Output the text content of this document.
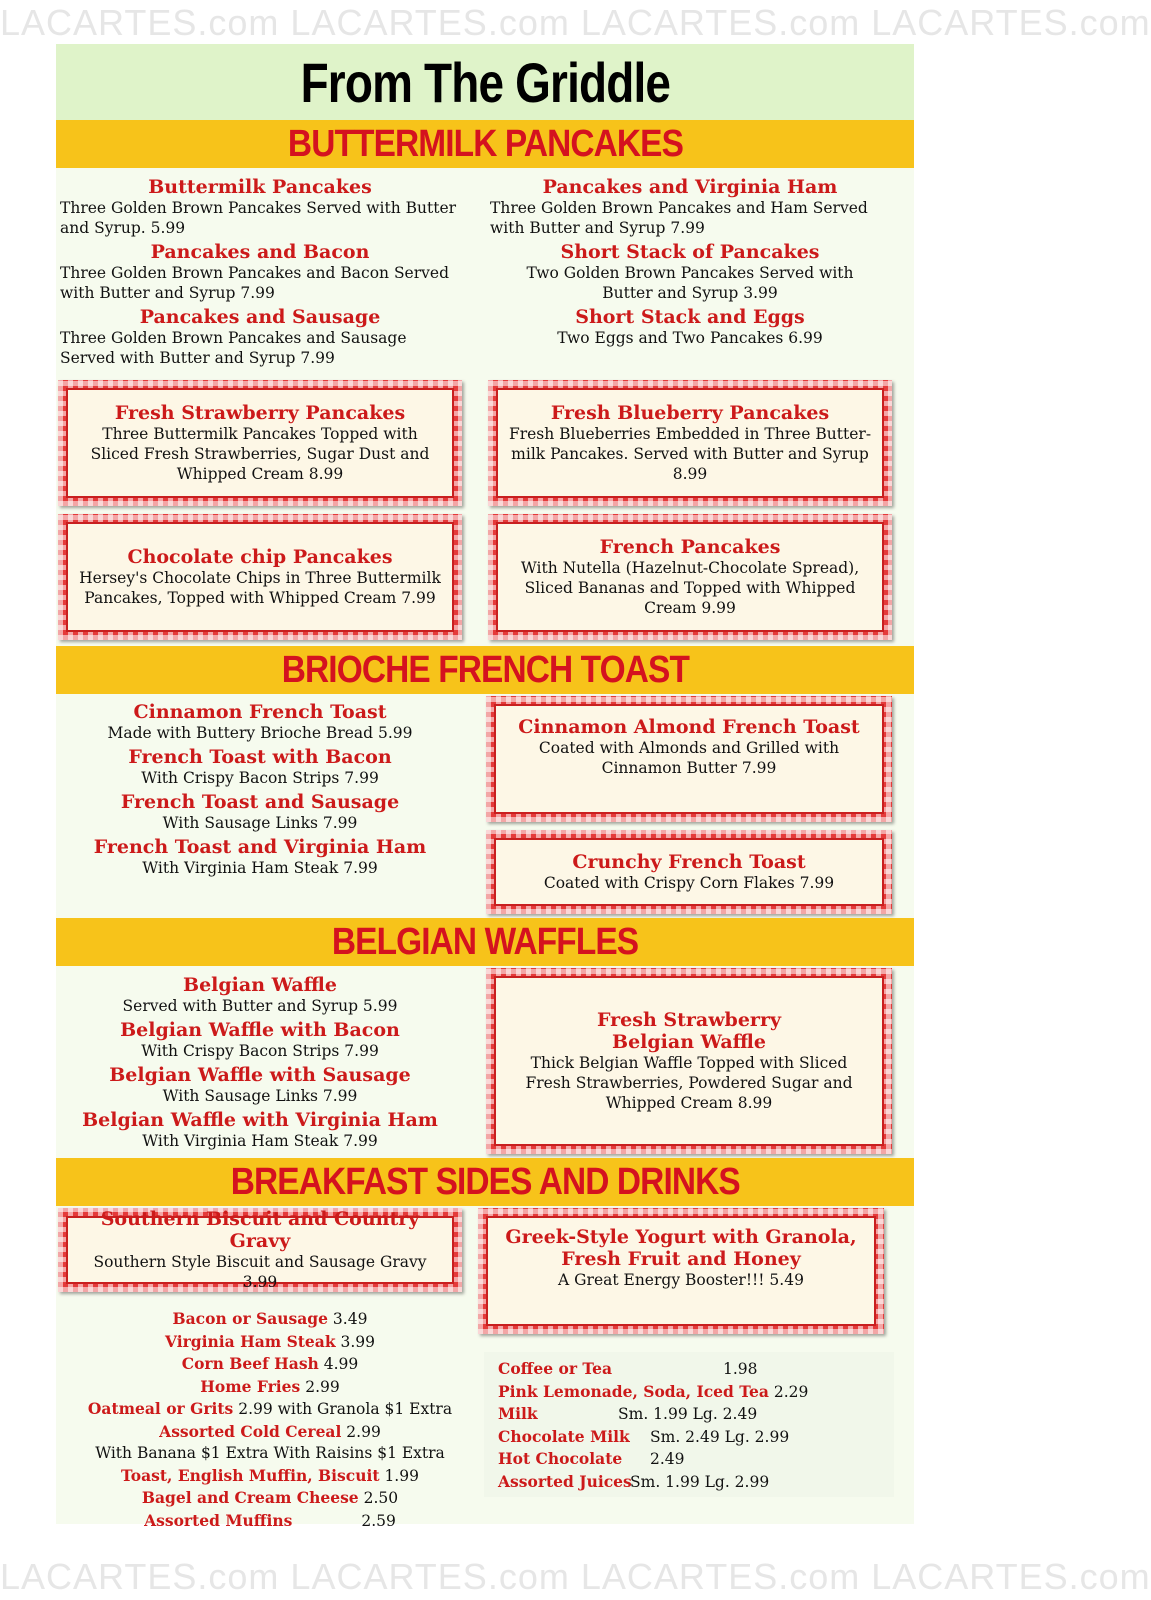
LACARTES.com LACARTES.com LACARTES.com LACARTES.com
From The Griddle
BUTTERMILK PANCAKES
Buttermilk Pancakes
Three Golden Brown Pancakes Served with Butter and Syrup. 5.99
Pancakes and Bacon
Three Golden Brown Pancakes and Bacon Served with Butter and Syrup 7.99
Pancakes and Sausage
Three Golden Brown Pancakes and Sausage Served with Butter and Syrup 7.99
Pancakes and Virginia Ham
Three Golden Brown Pancakes and Ham Served with Butter and Syrup 7.99
Short Stack of Pancakes
Two Golden Brown Pancakes Served with Butter and Syrup 3.99
Short Stack and Eggs
Two Eggs and Two Pancakes 6.99
Fresh Strawberry Pancakes
Three Buttermilk Pancakes Topped with Sliced Fresh Strawberries, Sugar Dust and Whipped Cream 8.99
Fresh Blueberry Pancakes
Fresh Blueberries Embedded in Three Butter-milk Pancakes. Served with Butter and Syrup 8.99
Chocolate chip Pancakes
Hersey's Chocolate Chips in Three Buttermilk Pancakes, Topped with Whipped Cream 7.99
French Pancakes
With Nutella (Hazelnut-Chocolate Spread), Sliced Bananas and Topped with Whipped Cream 9.99
BRIOCHE FRENCH TOAST
Cinnamon French Toast
Made with Buttery Brioche Bread 5.99
French Toast with Bacon
With Crispy Bacon Strips 7.99
French Toast and Sausage
With Sausage Links 7.99
French Toast and Virginia Ham
With Virginia Ham Steak 7.99
Cinnamon Almond French Toast
Coated with Almonds and Grilled with Cinnamon Butter 7.99
Crunchy French Toast
Coated with Crispy Corn Flakes 7.99
BELGIAN WAFFLES
Belgian Waffle
Served with Butter and Syrup 5.99
Belgian Waffle with Bacon
With Crispy Bacon Strips 7.99
Belgian Waffle with Sausage
With Sausage Links 7.99
Belgian Waffle with Virginia Ham
With Virginia Ham Steak 7.99
Fresh Strawberry
Belgian Waffle
Thick Belgian Waffle Topped with Sliced Fresh Strawberries, Powdered Sugar and Whipped Cream 8.99
BREAKFAST SIDES AND DRINKS
Southern Biscuit and Country Gravy
Southern Style Biscuit and Sausage Gravy 3.99
Greek-Style Yogurt with Granola,
Fresh Fruit and Honey
A Great Energy Booster!!! 5.49
Bacon or Sausage 3.49
Virginia Ham Steak 3.99
Corn Beef Hash 4.99
Home Fries 2.99
Oatmeal or Grits 2.99 with Granola $1 Extra
Assorted Cold Cereal 2.99
With Banana $1 Extra With Raisins $1 Extra
Toast, English Muffin, Biscuit 1.99
Bagel and Cream Cheese 2.50
Assorted Muffins              2.59
Coffee or Tea	1.98
Pink Lemonade, Soda, Iced Tea 2.29
Milk	Sm. 1.99 Lg. 2.49
Chocolate Milk Sm. 2.49 Lg. 2.99
Hot Chocolate 2.49
Assorted JuicesSm. 1.99 Lg. 2.99
LACARTES.com LACARTES.com LACARTES.com LACARTES.com
